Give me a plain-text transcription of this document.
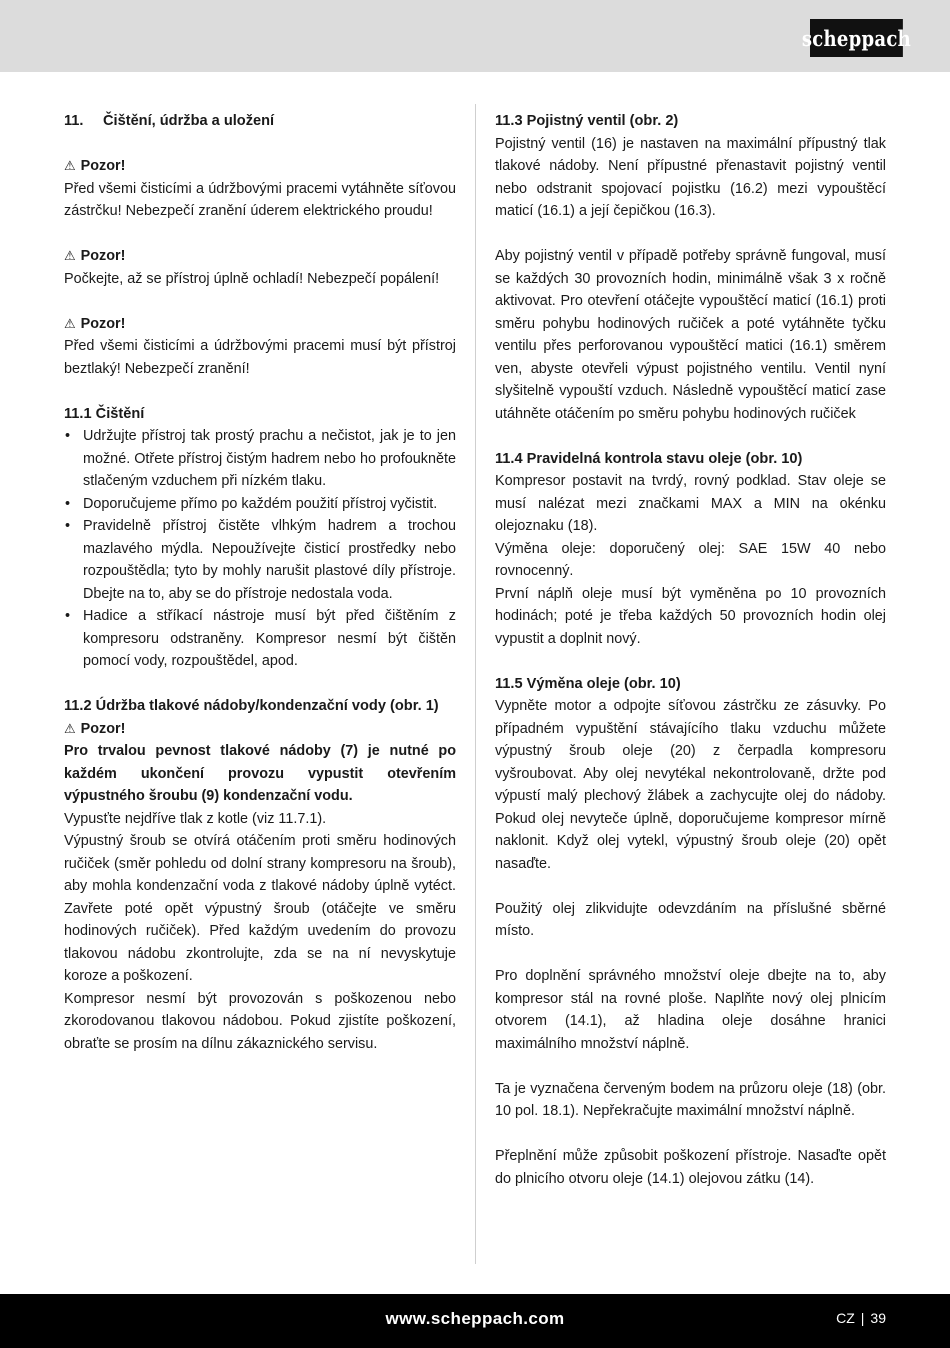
scheppach

11. Čištění, údržba a uložení

⚠ Pozor!

Před všemi čisticími a údržbovými pracemi vytáhněte síťovou zástrčku! Nebezpečí zranění úderem elektrického proudu!

⚠ Pozor!

Počkejte, až se přístroj úplně ochladí! Nebezpečí popálení!

⚠ Pozor!

Před všemi čisticími a údržbovými pracemi musí být přístroj beztlaký! Nebezpečí zranění!

11.1 Čištění

• Udržujte přístroj tak prostý prachu a nečistot, jak je to jen možné. Otřete přístroj čistým hadrem nebo ho profoukněte stlačeným vzduchem při nízkém tlaku.
• Doporučujeme přímo po každém použití přístroj vyčistit.
• Pravidelně přístroj čistěte vlhkým hadrem a trochou mazlavého mýdla. Nepoužívejte čisticí prostředky nebo rozpouštědla; tyto by mohly narušit plastové díly přístroje. Dbejte na to, aby se do přístroje nedostala voda.
• Hadice a stříkací nástroje musí být před čištěním z kompresoru odstraněny. Kompresor nesmí být čištěn pomocí vody, rozpouštědel, apod.

11.2 Údržba tlakové nádoby/kondenzační vody (obr. 1)

⚠ Pozor!

Pro trvalou pevnost tlakové nádoby (7) je nutné po každém ukončení provozu vypustit otevřením výpustného šroubu (9) kondenzační vodu.

Vypusťte nejdříve tlak z kotle (viz 11.7.1).

Výpustný šroub se otvírá otáčením proti směru hodinových ručiček (směr pohledu od dolní strany kompresoru na šroub), aby mohla kondenzační voda z tlakové nádoby úplně vytéct. Zavřete poté opět výpustný šroub (otáčejte ve směru hodinových ručiček). Před každým uvedením do provozu tlakovou nádobu zkontrolujte, zda se na ní nevyskytuje koroze a poškození.

Kompresor nesmí být provozován s poškozenou nebo zkorodovanou tlakovou nádobou. Pokud zjistíte poškození, obraťte se prosím na dílnu zákaznického servisu.

11.3 Pojistný ventil (obr. 2)

Pojistný ventil (16) je nastaven na maximální přípustný tlak tlakové nádoby. Není přípustné přenastavit pojistný ventil nebo odstranit spojovací pojistku (16.2) mezi vypouštěcí maticí (16.1) a její čepičkou (16.3).

Aby pojistný ventil v případě potřeby správně fungoval, musí se každých 30 provozních hodin, minimálně však 3 x ročně aktivovat. Pro otevření otáčejte vypouštěcí maticí (16.1) proti směru pohybu hodinových ručiček a poté vytáhněte tyčku ventilu přes perforovanou vypouštěcí matici (16.1) směrem ven, abyste otevřeli výpust pojistného ventilu. Ventil nyní slyšitelně vypouští vzduch. Následně vypouštěcí maticí zase utáhněte otáčením po směru pohybu hodinových ručiček

11.4 Pravidelná kontrola stavu oleje (obr. 10)

Kompresor postavit na tvrdý, rovný podklad. Stav oleje se musí nalézat mezi značkami MAX a MIN na okénku olejoznaku (18).

Výměna oleje: doporučený olej: SAE 15W 40 nebo rovnocenný.

První náplň oleje musí být vyměněna po 10 provozních hodinách; poté je třeba každých 50 provozních hodin olej vypustit a doplnit nový.

11.5 Výměna oleje (obr. 10)

Vypněte motor a odpojte síťovou zástrčku ze zásuvky. Po případném vypuštění stávajícího tlaku vzduchu můžete výpustný šroub oleje (20) z čerpadla kompresoru vyšroubovat. Aby olej nevytékal nekontrolovaně, držte pod výpustí malý plechový žlábek a zachycujte olej do nádoby. Pokud olej nevyteče úplně, doporučujeme kompresor mírně naklonit. Když olej vytekl, výpustný šroub oleje (20) opět nasaďte.

Použitý olej zlikvidujte odevzdáním na příslušné sběrné místo.

Pro doplnění správného množství oleje dbejte na to, aby kompresor stál na rovné ploše. Naplňte nový olej plnicím otvorem (14.1), až hladina oleje dosáhne hranici maximálního množství náplně.

Ta je vyznačena červeným bodem na průzoru oleje (18) (obr. 10 pol. 18.1). Nepřekračujte maximální množství náplně.

Přeplnění může způsobit poškození přístroje. Nasaďte opět do plnicího otvoru oleje (14.1) olejovou zátku (14).

www.scheppach.com	CZ | 39
